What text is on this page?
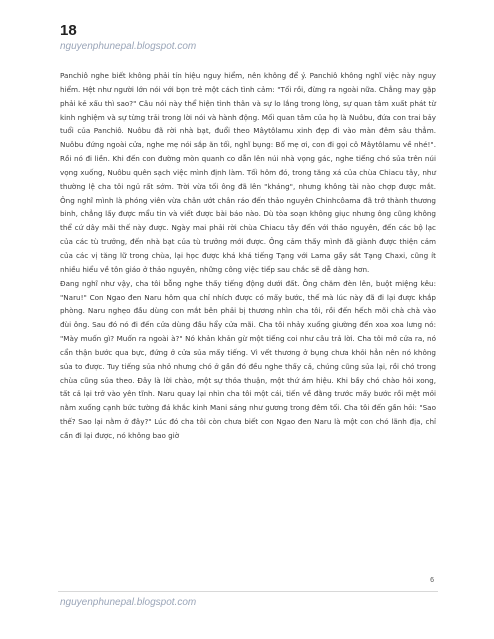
18
nguyenphunepal.blogspot.com

Panchiô nghe biết không phải tín hiệu nguy hiểm, nên không để ý. Panchiô không nghĩ việc này nguy hiểm. Hệt như người lớn nói với bọn trẻ một cách tình cảm: "Tối rồi, đừng ra ngoài nữa. Chẳng may gặp phải kẻ xấu thì sao?" Câu nói này thể hiện tình thân và sự lo lắng trong lòng, sự quan tâm xuất phát từ kinh nghiệm và sự từng trải trong lời nói và hành động. Mối quan tâm của họ là Nuôbu, đứa con trai bảy tuổi của Panchiô. Nuôbu đã rời nhà bạt, đuổi theo Mâytôlamu xinh đẹp đi vào màn đêm sâu thẳm. Nuôbu đứng ngoài cửa, nghe mẹ nói sắp ăn tối, nghĩ bụng: Bố mẹ ơi, con đi gọi cô Mâytôlamu về nhé!". Rồi nó đi liền. Khi đến con đường mòn quanh co dẫn lên núi nhà vọng gác, nghe tiếng chó sủa trên núi vọng xuống, Nuôbu quên sạch việc mình định làm. Tối hôm đó, trong tăng xá của chùa Chiacu tây, như thường lệ cha tôi ngủ rất sớm. Trời vừa tối ông đã lên "kháng", nhưng không tài nào chợp được mắt. Ông nghĩ mình là phóng viên vừa chân ướt chân ráo đến thảo nguyên Chinhcôama đã trở thành thương binh, chẳng lấy được mẩu tin và viết được bài báo nào. Dù tòa soạn không giục nhưng ông cũng không thể cứ dây mãi thế này được. Ngày mai phải rời chùa Chiacu tây đến với thảo nguyên, đến các bộ lạc của các tù trưởng, đến nhà bạt của tù trưởng mới được. Ông cảm thấy mình đã giành được thiện cảm của các vị tăng lữ trong chùa, lại học được khá khá tiếng Tạng với Lama gầy sắt Tạng Chaxi, cũng ít nhiều hiểu về tôn giáo ở thảo nguyên, những công việc tiếp sau chắc sẽ dễ dàng hơn.

Đang nghĩ như vậy, cha tôi bỗng nghe thấy tiếng động dưới đất. Ông chăm đèn lên, buột miệng kêu: "Naru!" Con Ngao đen Naru hôm qua chỉ nhích được có mấy bước, thế mà lúc này đã đi lại được khắp phòng. Naru nghẹo đầu dùng con mắt bên phải bị thương nhìn cha tôi, rồi đến hếch mõi chà chà vào đùi ông. Sau đó nó đi đến cửa dùng đầu hẩy cửa mãi. Cha tôi nhảy xuống giường đến xoa xoa lưng nó: "Mày muốn gì? Muốn ra ngoài à?" Nó khản khản gừ một tiếng coi như câu trả lời. Cha tôi mở cửa ra, nó cẩn thận bước qua bực, đứng ở cửa sủa mấy tiếng. Vì vết thương ở bụng chưa khỏi hẳn nên nó không sủa to được. Tuy tiếng sủa nhỏ nhưng chó ở gần đó đều nghe thấy cả, chúng cũng sủa lại, rồi chó trong chùa cũng sủa theo. Đây là lời chào, một sự thỏa thuận, một thứ ám hiệu. Khi bầy chó chào hỏi xong, tất cả lại trở vào yên tĩnh. Naru quay lại nhìn cha tôi một cái, tiến về đằng trước mấy bước rồi mệt mỏi nằm xuống cạnh bức tường đá khắc kinh Mani sáng như gương trong đêm tối. Cha tôi đến gần hỏi: "Sao thế? Sao lại nằm ở đây?" Lúc đó cha tôi còn chưa biết con Ngao đen Naru là một con chó lãnh địa, chỉ cần đi lại được, nó không bao giờ

6
nguyenphunepal.blogspot.com
